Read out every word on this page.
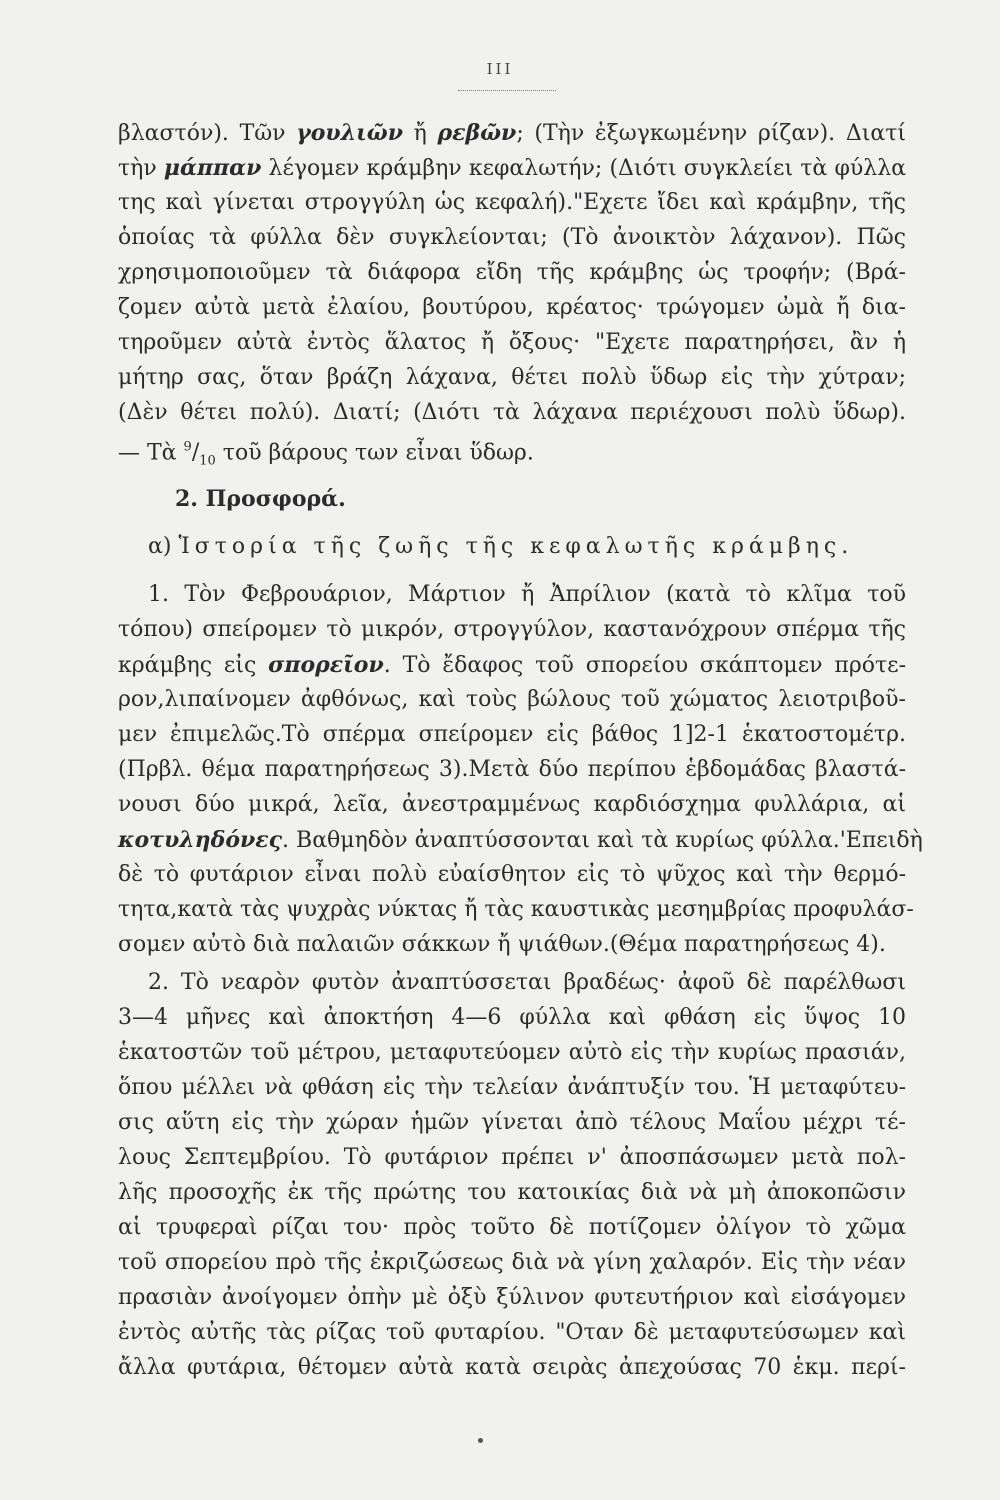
III
βλαστόν). Τῶν γουλιῶν ἤ ρεβῶν; (Τὴν ἐξωγκωμένην ρίζαν). Διατί
τὴν μάππαν λέγομεν κράμβην κεφαλωτήν; (Διότι συγκλείει τὰ φύλλα
της καὶ γίνεται στρογγύλη ὡς κεφαλή)."Εχετε ἴδει καὶ κράμβην, τῆς
ὁποίας τὰ φύλλα δὲν συγκλείονται; (Τὸ ἀνοικτὸν λάχανον). Πῶς
χρησιμοποιοῦμεν τὰ διάφορα εἴδη τῆς κράμβης ὡς τροφήν; (Βρά-
ζομεν αὐτὰ μετὰ ἐλαίου, βουτύρου, κρέατος· τρώγομεν ὠμὰ ἤ δια-
τηροῦμεν αὐτὰ ἐντὸς ἅλατος ἤ ὄξους· "Εχετε παρατηρήσει, ἂν ἡ
μήτηρ σας, ὅταν βράζη λάχανα, θέτει πολὺ ὕδωρ εἰς τὴν χύτραν;
(Δὲν θέτει πολύ). Διατί; (Διότι τὰ λάχανα περιέχουσι πολὺ ὕδωρ).
— Τὰ $^9/_{10}$ τοῦ βάρους των εἶναι ὕδωρ.
2. Προσφορά.
α) Ἱστορία τῆς ζωῆς τῆς κεφαλωτῆς κράμβης.
1. Τὸν Φεβρουάριον, Μάρτιον ἤ Ἀπρίλιον (κατὰ τὸ κλῖμα τοῦ
τόπου) σπείρομεν τὸ μικρόν, στρογγύλον, καστανόχρουν σπέρμα τῆς
κράμβης εἰς σπορεῖον. Τὸ ἔδαφος τοῦ σπορείου σκάπτομεν πρότε-
ρον,λιπαίνομεν ἀφθόνως, καὶ τοὺς βώλους τοῦ χώματος λειοτριβοῦ-
μεν ἐπιμελῶς.Τὸ σπέρμα σπείρομεν εἰς βάθος 1]2-1 ἑκατοστομέτρ.
(Πρβλ. θέμα παρατηρήσεως 3).Μετὰ δύο περίπου ἑβδομάδας βλαστά-
νουσι δύο μικρά, λεῖα, ἀνεστραμμένως καρδιόσχημα φυλλάρια, αἱ
κοτυληδόνες. Βαθμηδὸν ἀναπτύσσονται καὶ τὰ κυρίως φύλλα.'Επειδὴ
δὲ τὸ φυτάριον εἶναι πολὺ εὐαίσθητον εἰς τὸ ψῦχος καὶ τὴν θερμό-
τητα,κατὰ τὰς ψυχρὰς νύκτας ἤ τὰς καυστικὰς μεσημβρίας προφυλάσ-
σομεν αὐτὸ διὰ παλαιῶν σάκκων ἤ ψιάθων.(Θέμα παρατηρήσεως 4).
2. Τὸ νεαρὸν φυτὸν ἀναπτύσσεται βραδέως· ἀφοῦ δὲ παρέλθωσι
3—4 μῆνες καὶ ἀποκτήση 4—6 φύλλα καὶ φθάση εἰς ὕψος 10
ἑκατοστῶν τοῦ μέτρου, μεταφυτεύομεν αὐτὸ εἰς τὴν κυρίως πρασιάν,
ὅπου μέλλει νὰ φθάση εἰς τὴν τελείαν ἀνάπτυξίν του. Ἡ μεταφύτευ-
σις αὕτη εἰς τὴν χώραν ἡμῶν γίνεται ἀπὸ τέλους Μαΐου μέχρι τέ-
λους Σεπτεμβρίου. Τὸ φυτάριον πρέπει ν' ἀποσπάσωμεν μετὰ πολ-
λῆς προσοχῆς ἐκ τῆς πρώτης του κατοικίας διὰ νὰ μὴ ἀποκοπῶσιν
αἱ τρυφεραὶ ρίζαι του· πρὸς τοῦτο δὲ ποτίζομεν ὀλίγον τὸ χῶμα
τοῦ σπορείου πρὸ τῆς ἐκριζώσεως διὰ νὰ γίνη χαλαρόν. Εἰς τὴν νέαν
πρασιὰν ἀνοίγομεν ὀπὴν μὲ ὀξὺ ξύλινον φυτευτήριον καὶ εἰσάγομεν
ἐντὸς αὐτῆς τὰς ρίζας τοῦ φυταρίου. "Οταν δὲ μεταφυτεύσωμεν καὶ
ἄλλα φυτάρια, θέτομεν αὐτὰ κατὰ σειρὰς ἀπεχούσας 70 ἑκμ. περί-
